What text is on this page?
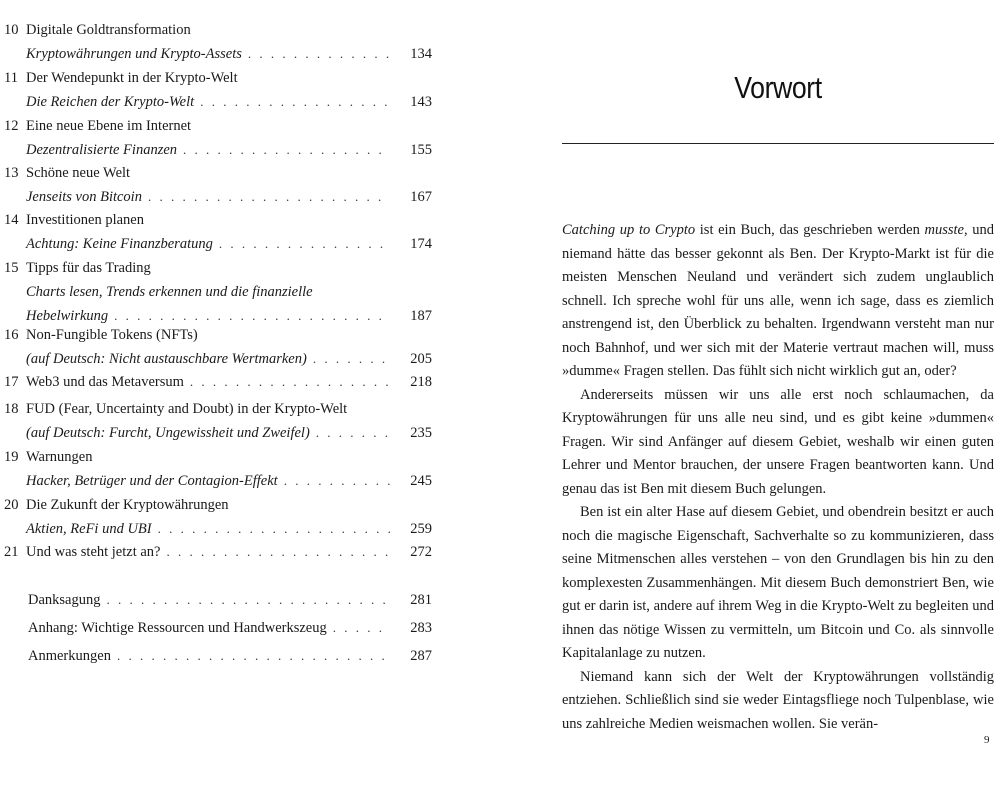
10 Digitale Goldtransformation
Kryptowährungen und Krypto-Assets . . .	134
11 Der Wendepunkt in der Krypto-Welt
Die Reichen der Krypto-Welt . . .	143
12 Eine neue Ebene im Internet
Dezentralisierte Finanzen . . .	155
13 Schöne neue Welt
Jenseits von Bitcoin . . .	167
14 Investitionen planen
Achtung: Keine Finanzberatung . . .	174
15 Tipps für das Trading
Charts lesen, Trends erkennen und die finanzielle
Hebelwirkung . . .	187
16 Non-Fungible Tokens (NFTs)
(auf Deutsch: Nicht austauschbare Wertmarken) . . .	205
17 Web3 und das Metaversum . . .	218
18 FUD (Fear, Uncertainty and Doubt) in der Krypto-Welt
(auf Deutsch: Furcht, Ungewissheit und Zweifel) . . .	235
19 Warnungen
Hacker, Betrüger und der Contagion-Effekt . . .	245
20 Die Zukunft der Kryptowährungen
Aktien, ReFi und UBI . . .	259
21 Und was steht jetzt an? . . .	272
Danksagung . . .	281
Anhang: Wichtige Ressourcen und Handwerkszeug . . .	283
Anmerkungen . . .	287
Vorwort

Catching up to Crypto ist ein Buch, das geschrieben werden musste, und niemand hätte das besser gekonnt als Ben. Der Krypto-Markt ist für die meisten Menschen Neuland und verändert sich zudem unglaublich schnell. Ich spreche wohl für uns alle, wenn ich sage, dass es ziemlich anstrengend ist, den Überblick zu behalten. Irgendwann versteht man nur noch Bahnhof, und wer sich mit der Materie vertraut machen will, muss »dumme« Fragen stellen. Das fühlt sich nicht wirklich gut an, oder?

Andererseits müssen wir uns alle erst noch schlaumachen, da Kryptowährungen für uns alle neu sind, und es gibt keine »dummen« Fragen. Wir sind Anfänger auf diesem Gebiet, weshalb wir einen guten Lehrer und Mentor brauchen, der unsere Fragen beantworten kann. Und genau das ist Ben mit diesem Buch gelungen.

Ben ist ein alter Hase auf diesem Gebiet, und obendrein besitzt er auch noch die magische Eigenschaft, Sachverhalte so zu kommunizieren, dass seine Mitmenschen alles verstehen – von den Grundlagen bis hin zu den komplexesten Zusammenhängen. Mit diesem Buch demonstriert Ben, wie gut er darin ist, andere auf ihrem Weg in die Krypto-Welt zu begleiten und ihnen das nötige Wissen zu vermitteln, um Bitcoin und Co. als sinnvolle Kapitalanlage zu nutzen.

Niemand kann sich der Welt der Kryptowährungen vollständig entziehen. Schließlich sind sie weder Eintagsfliege noch Tulpenblase, wie uns zahlreiche Medien weismachen wollen. Sie verän-

9
